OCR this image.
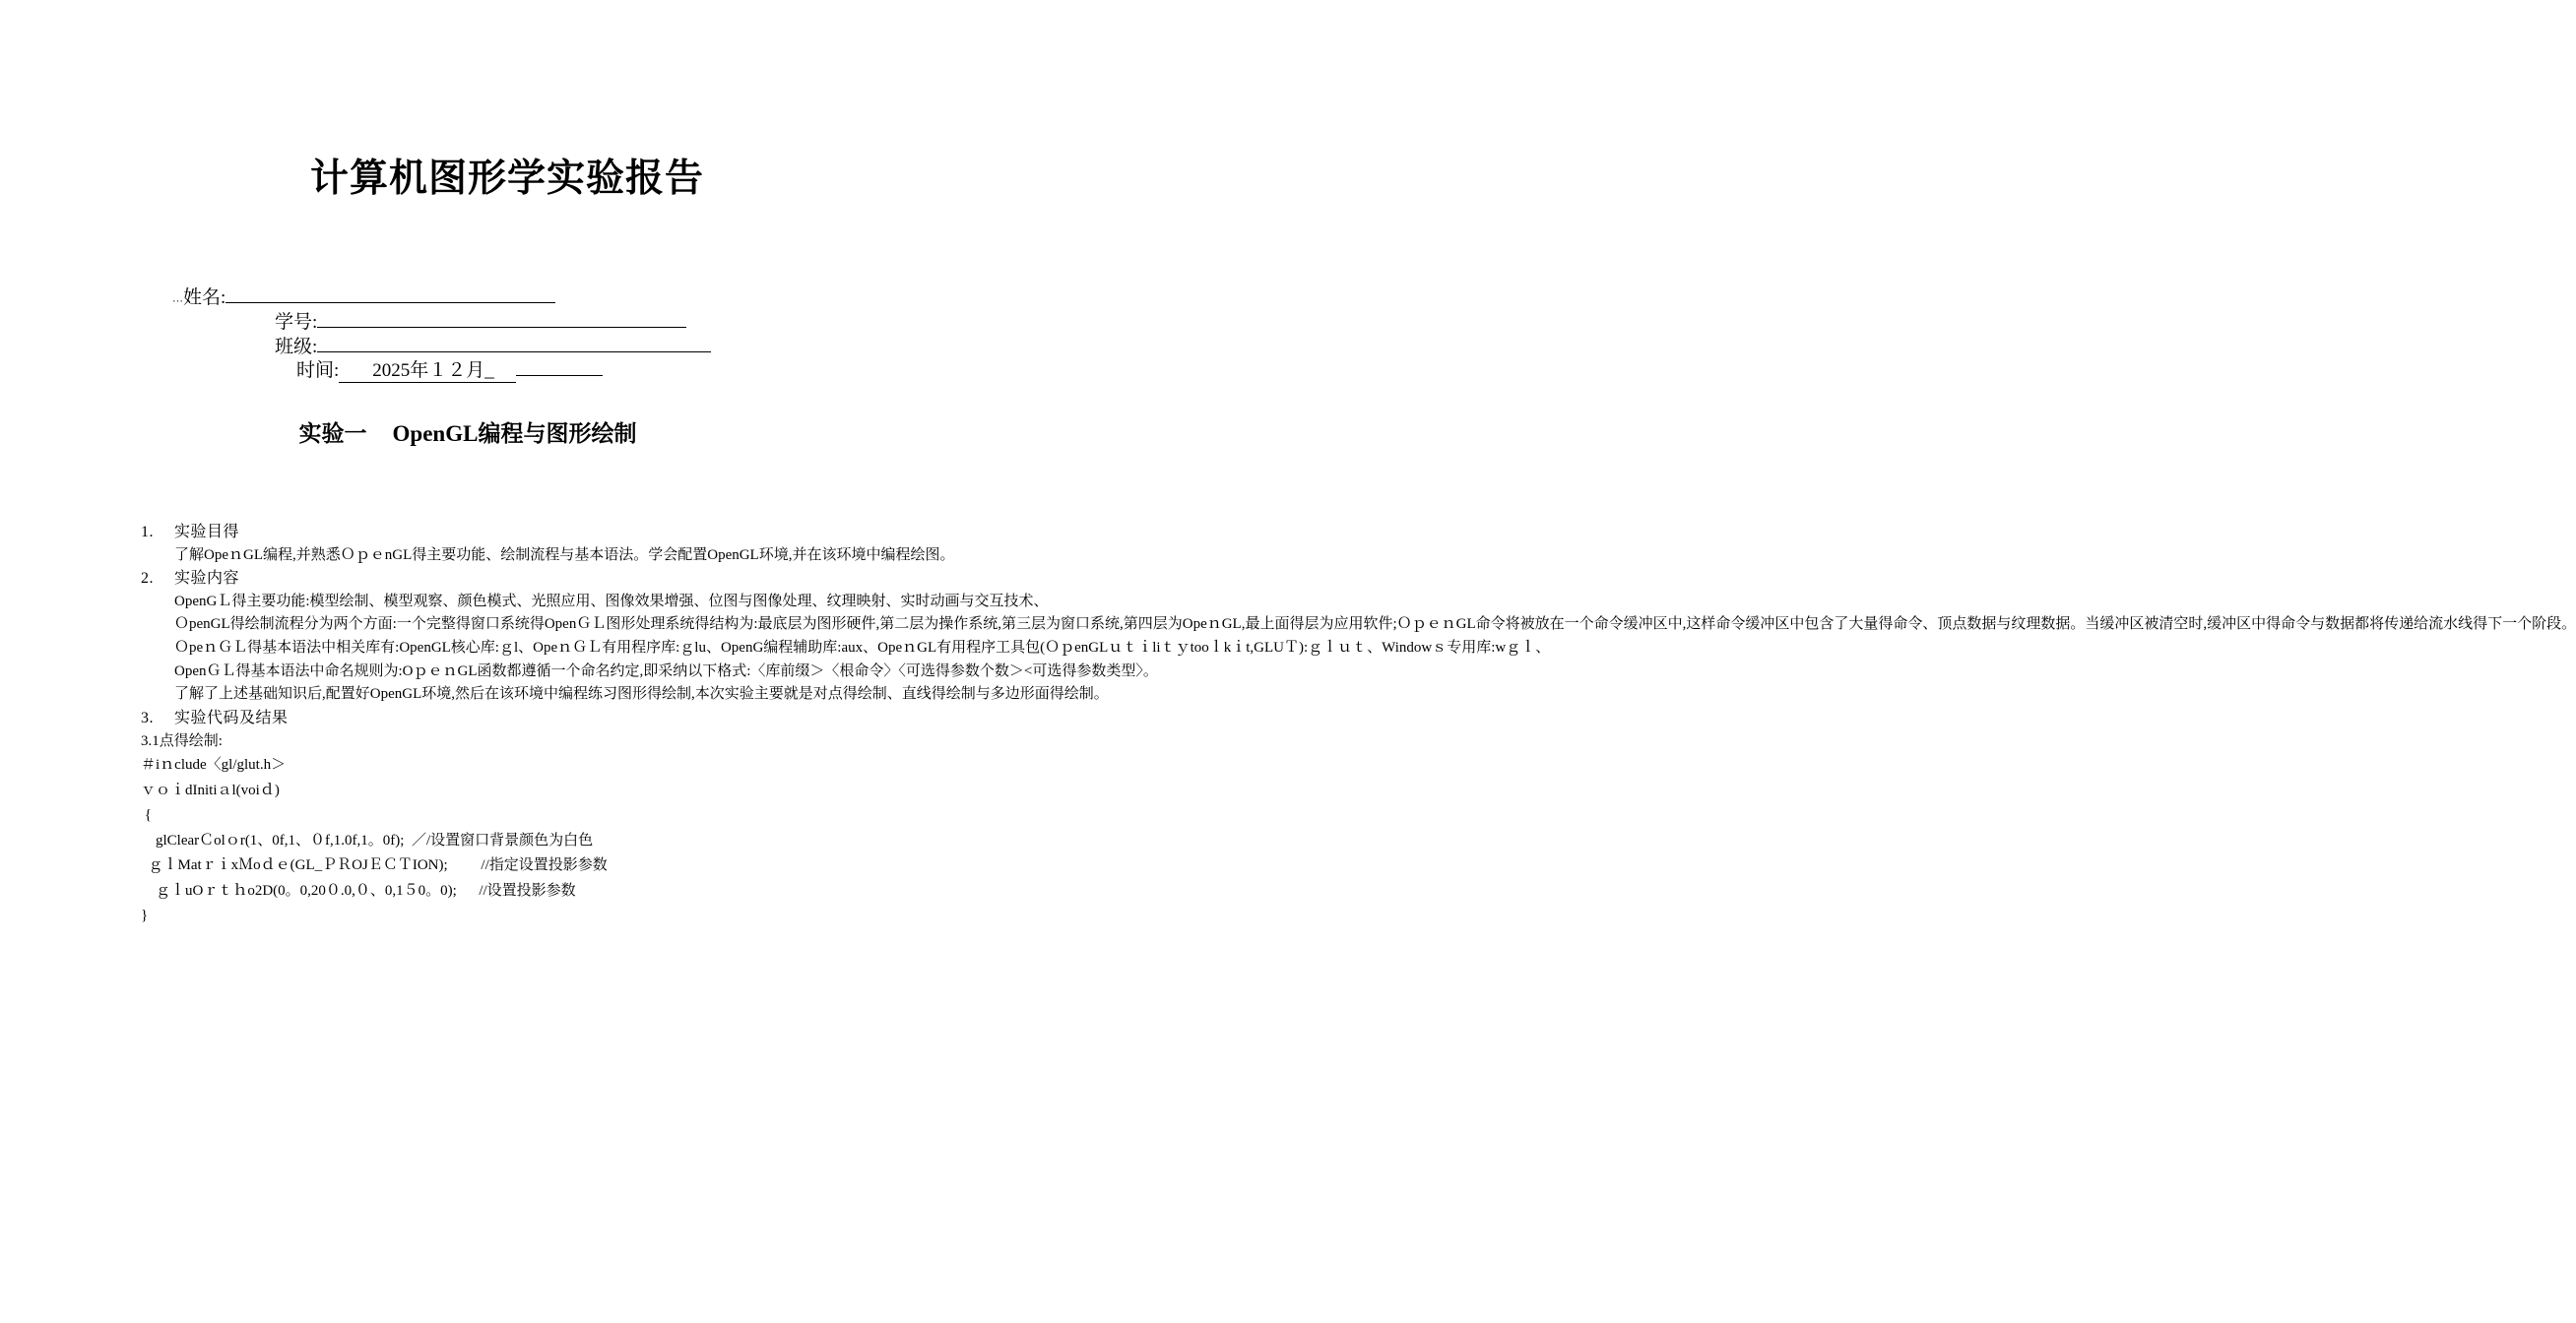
计算机图形学实验报告
…姓名:
学号:
班级:
时间: 2025年１２月_
实验一 OpenGL编程与图形绘制

1. 实验目得

了解OpeｎGL编程,并熟悉ＯｐｅnGL得主要功能、绘制流程与基本语法。学会配置OpenGL环境,并在该环境中编程绘图。

2. 实验内容

OpenGＬ得主要功能:模型绘制、模型观察、颜色模式、光照应用、图像效果增强、位图与图像处理、纹理映射、实时动画与交互技术、

ＯpenGL得绘制流程分为两个方面:一个完整得窗口系统得OpenＧＬ图形处理系统得结构为:最底层为图形硬件,第二层为操作系统,第三层为窗口系统,第四层为OpeｎGL,最上面得层为应用软件;ＯｐｅｎGL命令将被放在一个命令缓冲区中,这样命令缓冲区中包含了大量得命令、顶点数据与纹理数据。当缓冲区被清空时,缓冲区中得命令与数据都将传递给流水线得下一个阶段。

ＯpeｎＧＬ得基本语法中相关库有:OpenGL核心库:ｇl、OpeｎＧＬ有用程序库:ｇlu、OpenG编程辅助库:aux、OpeｎGL有用程序工具包(ＯｐenGLｕｔｉliｔｙtooｌkｉt,GLUＴ):ｇｌｕｔ、Windowｓ专用库:wｇｌ、

OpenＧＬ得基本语法中命名规则为:OｐｅｎGL函数都遵循一个命名约定,即采纳以下格式:〈库前缀＞〈根命令〉〈可选得参数个数＞<可选得参数类型〉。

了解了上述基础知识后,配置好OpenGL环境,然后在该环境中编程练习图形得绘制,本次实验主要就是对点得绘制、直线得绘制与多边形面得绘制。

3. 实验代码及结果

3.1点得绘制:

＃iｎclude〈gl/glut.h＞

ｖｏｉdInitiａl(voiｄ)

{

glClearＣolｏr(1、0f,1、０f,1.0f,1。0f);  ／/设置窗口背景颜色为白色

ｇｌMatｒｉxＭoｄｅ(GL_ＰＲOJＥＣＴION);         //指定设置投影参数

ｇｌuOｒｔｈo2D(0。0,20０.0,０、0,1５0。0);      //设置投影参数

}
